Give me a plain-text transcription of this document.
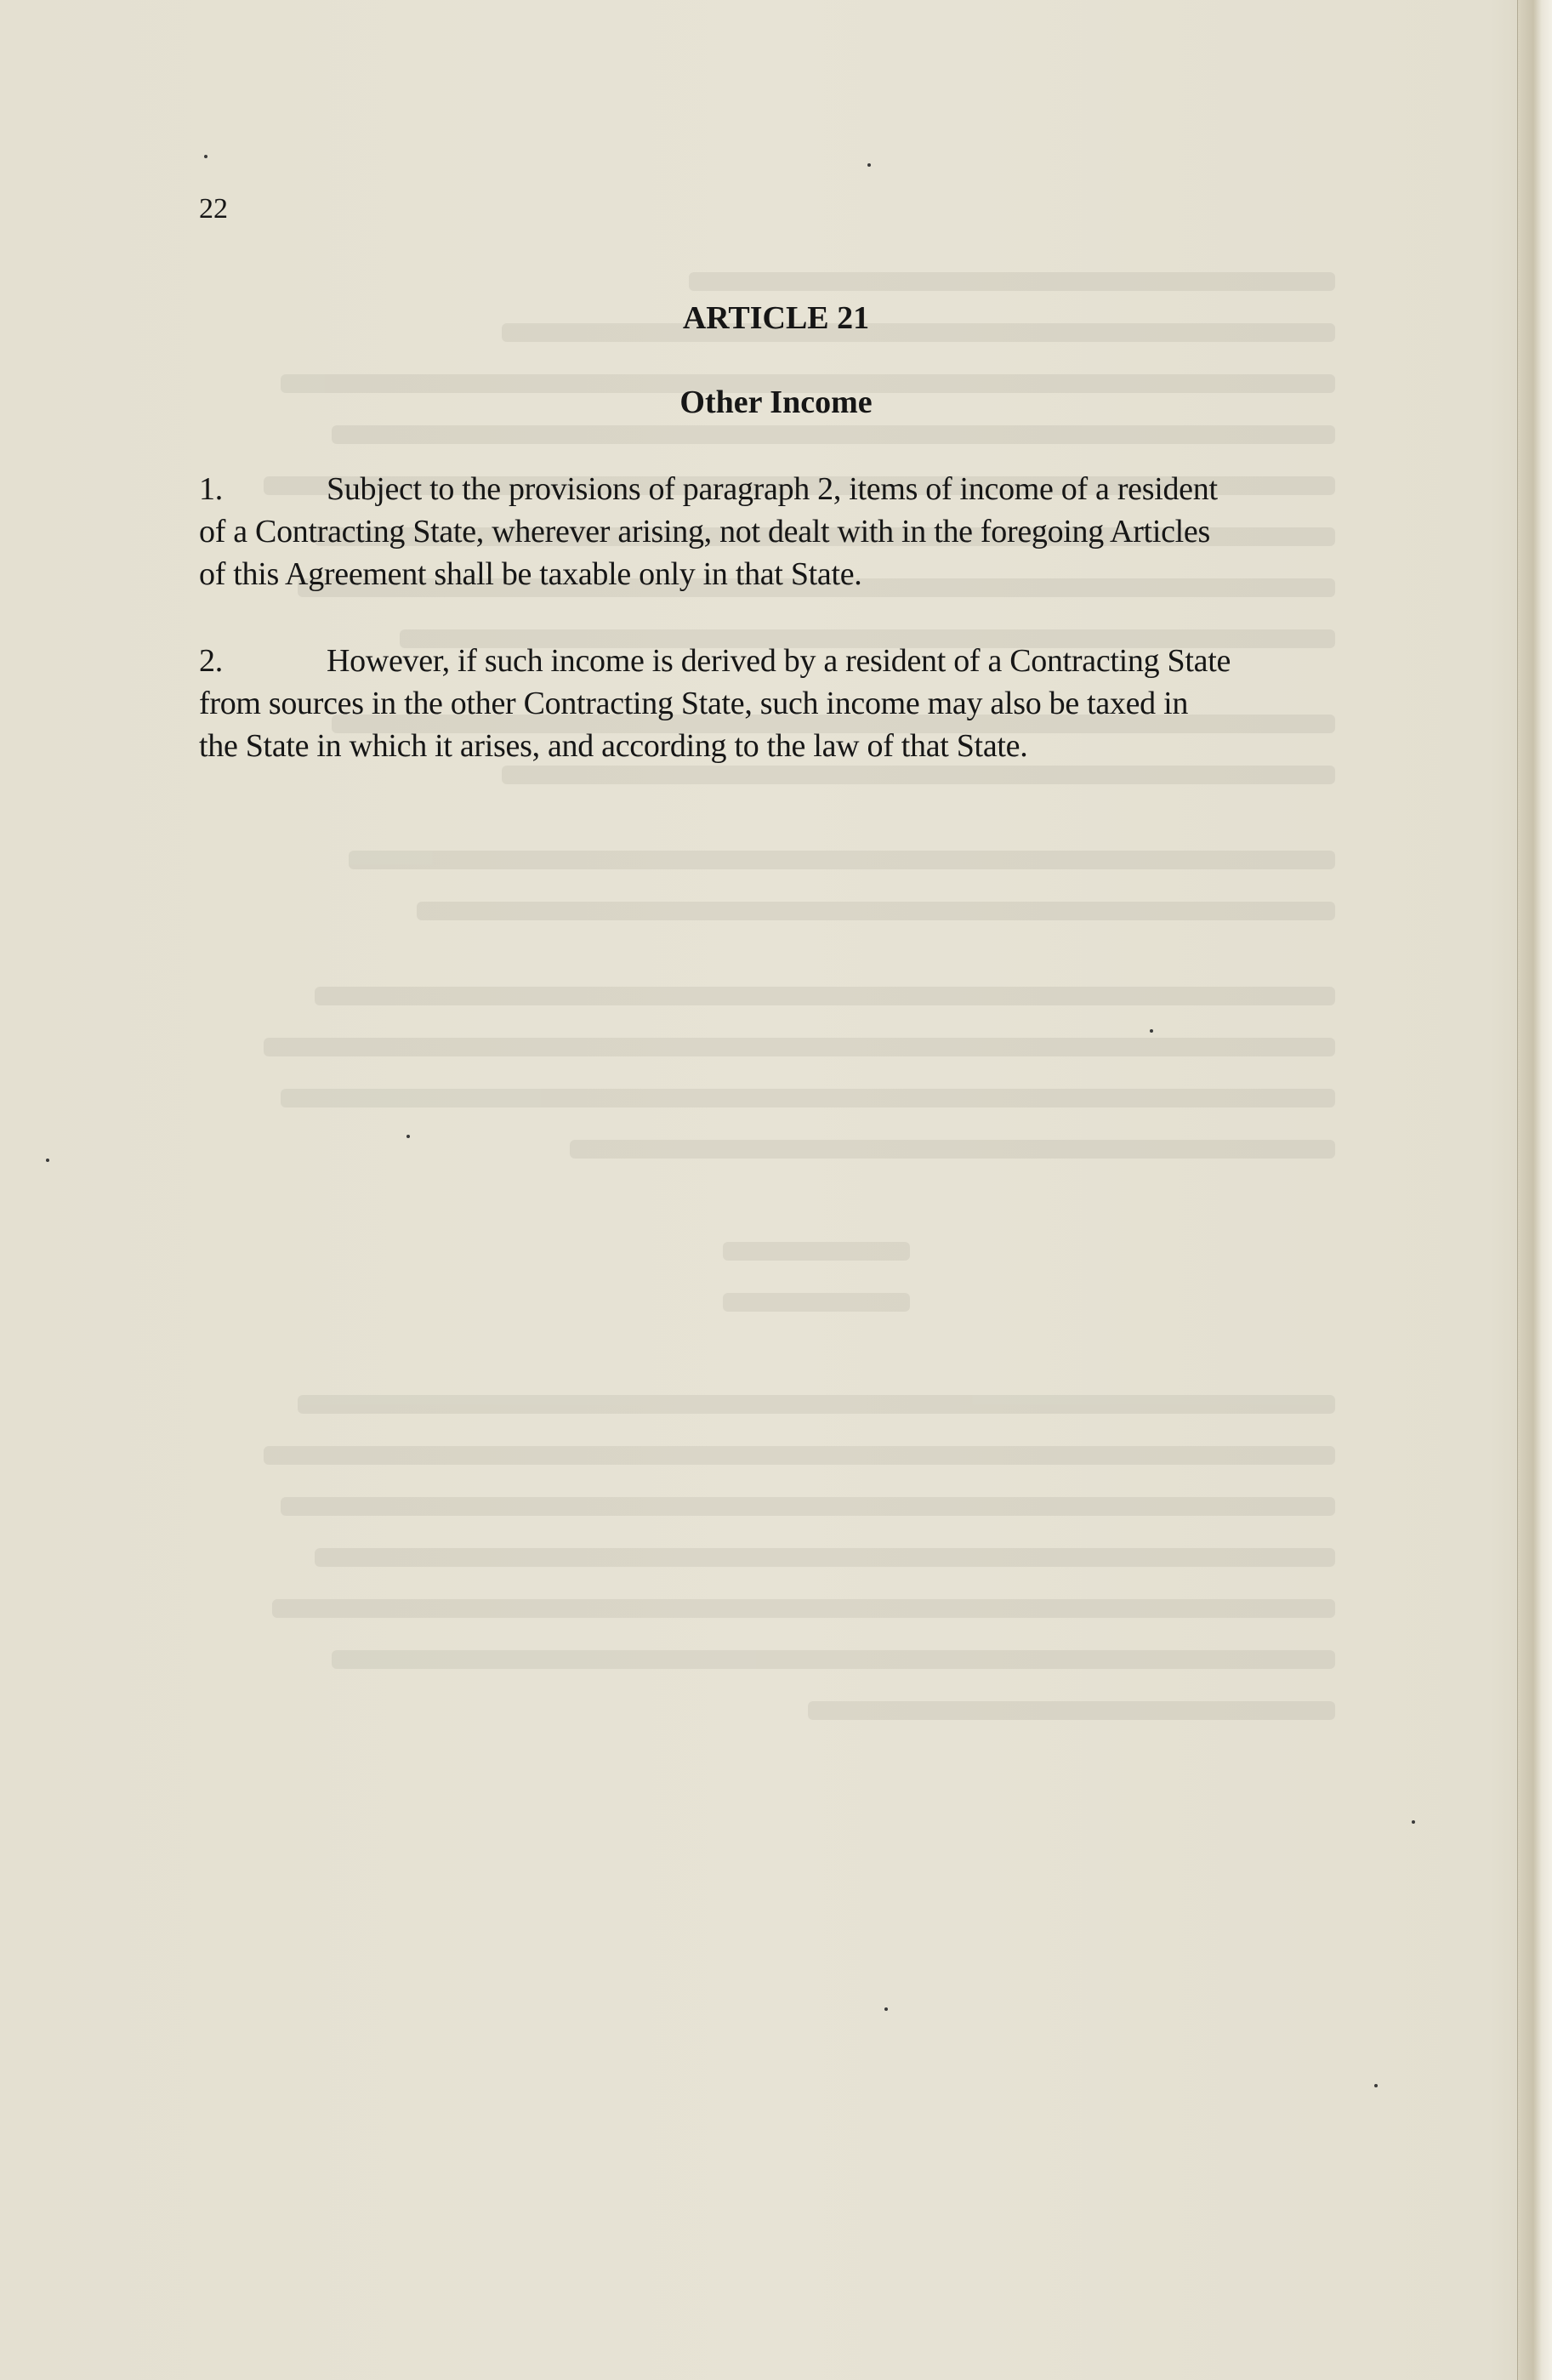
22
ARTICLE 21
Other Income
1.	Subject to the provisions of paragraph 2, items of income of a resident
of a Contracting State, wherever arising, not dealt with in the foregoing Articles
of this Agreement shall be taxable only in that State.
2.	However, if such income is derived by a resident of a Contracting State
from sources in the other Contracting State, such income may also be taxed in
the State in which it arises, and according to the law of that State.
